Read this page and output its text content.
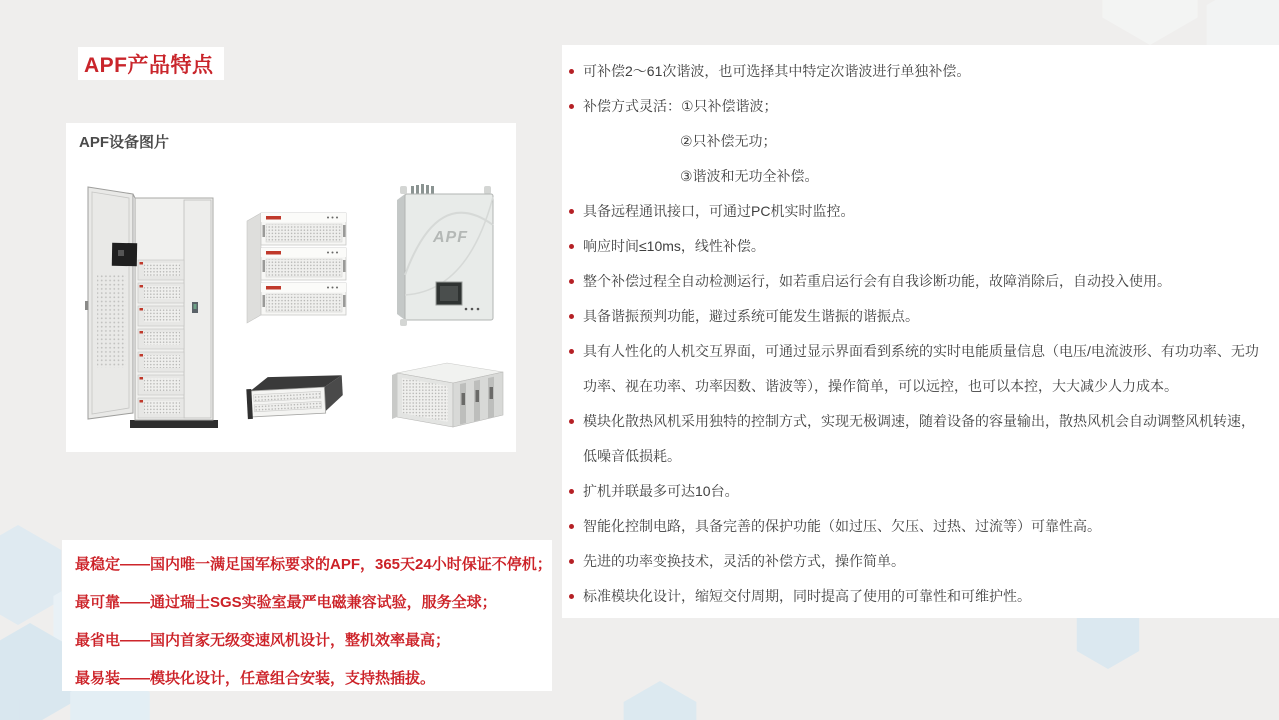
APF产品特点
APF设备图片
APF
最稳定——国内唯一满足国军标要求的APF，365天24小时保证不停机；
最可靠——通过瑞士SGS实验室最严电磁兼容试验，服务全球；
最省电——国内首家无级变速风机设计，整机效率最高；
最易装——模块化设计，任意组合安装，支持热插拔。
可补偿2～61次谐波，也可选择其中特定次谐波进行单独补偿。
补偿方式灵活：①只补偿谐波；
②只补偿无功；
③谐波和无功全补偿。
具备远程通讯接口，可通过PC机实时监控。
响应时间≤10ms，线性补偿。
整个补偿过程全自动检测运行，如若重启运行会有自我诊断功能，故障消除后，自动投入使用。
具备谐振预判功能，避过系统可能发生谐振的谐振点。
具有人性化的人机交互界面，可通过显示界面看到系统的实时电能质量信息（电压/电流波形、有功功率、无功功率、视在功率、功率因数、谐波等），操作简单，可以远控，也可以本控，大大减少人力成本。
模块化散热风机采用独特的控制方式，实现无极调速，随着设备的容量输出，散热风机会自动调整风机转速，低噪音低损耗。
扩机并联最多可达10台。
智能化控制电路，具备完善的保护功能（如过压、欠压、过热、过流等）可靠性高。
先进的功率变换技术，灵活的补偿方式，操作简单。
标准模块化设计，缩短交付周期，同时提高了使用的可靠性和可维护性。
